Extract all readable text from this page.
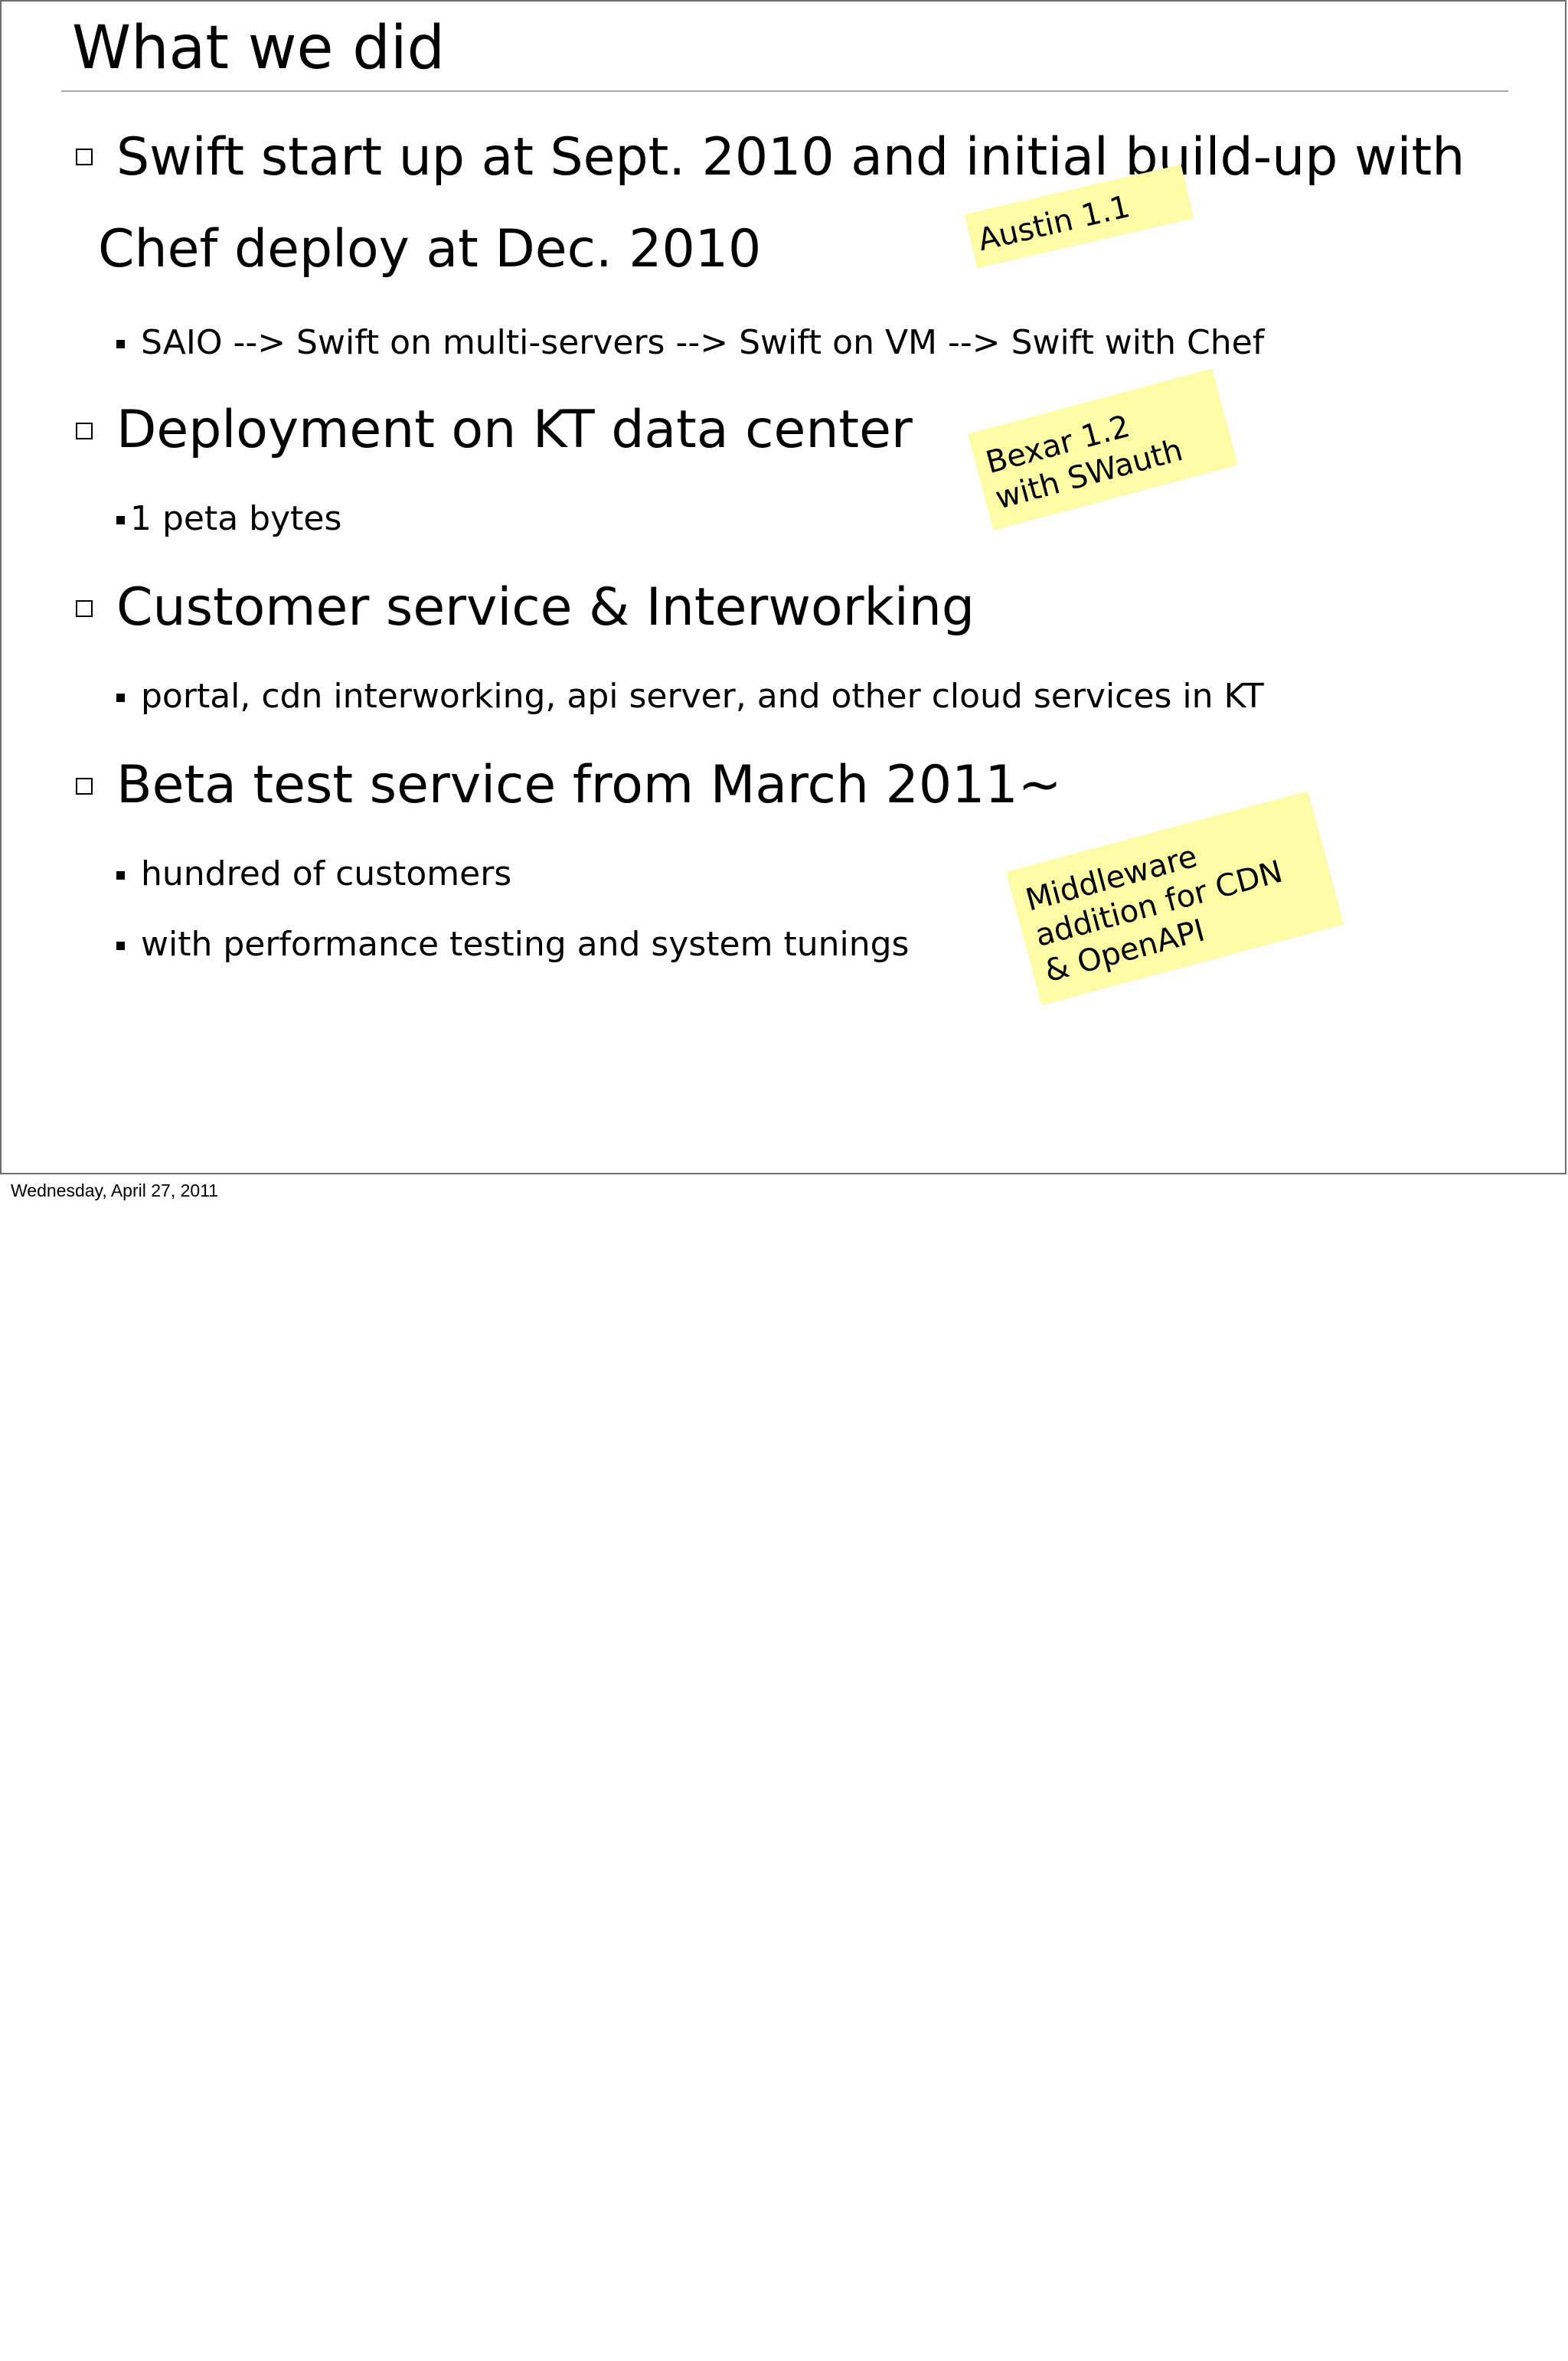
What we did
Swift start up at Sept. 2010 and initial build-up with
Chef deploy at Dec. 2010
SAIO --> Swift on multi-servers --> Swift on VM --> Swift with Chef
Deployment on KT data center
1 peta bytes
Customer service & Interworking
portal, cdn interworking, api server, and other cloud services in KT
Beta test service from March 2011~
hundred of customers
with performance testing and system tunings
Austin 1.1
Bexar 1.2
with SWauth
Middleware
addition for CDN
& OpenAPI
Wednesday, April 27, 2011
